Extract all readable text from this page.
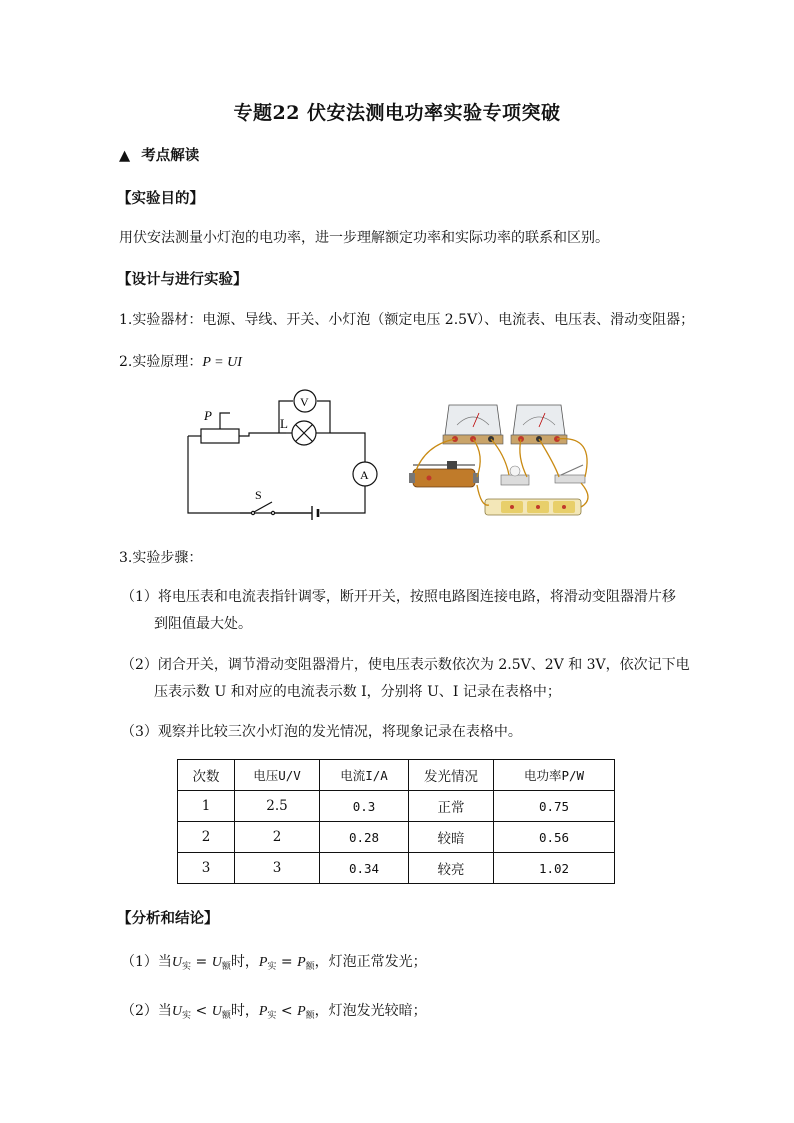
专题22 伏安法测电功率实验专项突破
▲ 考点解读
【实验目的】
用伏安法测量小灯泡的电功率，进一步理解额定功率和实际功率的联系和区别。
【设计与进行实验】
1.实验器材：电源、导线、开关、小灯泡（额定电压 2.5V）、电流表、电压表、滑动变阻器；
2.实验原理：P = UI
P
V
L
A
S
3.实验步骤：
（1）将电压表和电流表指针调零，断开开关，按照电路图连接电路，将滑动变阻器滑片移
到阻值最大处。
（2）闭合开关，调节滑动变阻器滑片，使电压表示数依次为 2.5V、2V 和 3V，依次记下电
压表示数 U 和对应的电流表示数 I，分别将 U、I 记录在表格中；
（3）观察并比较三次小灯泡的发光情况，将现象记录在表格中。
次数	电压U/V	电流I/A	发光情况	电功率P/W
1	2.5	0.3	正常	0.75
2	2	0.28	较暗	0.56
3	3	0.34	较亮	1.02
【分析和结论】
（1）当$U_实 = U_额$时，$P_实 = P_额$，灯泡正常发光；
（2）当$U_实 < U_额$时，$P_实 < P_额$，灯泡发光较暗；
